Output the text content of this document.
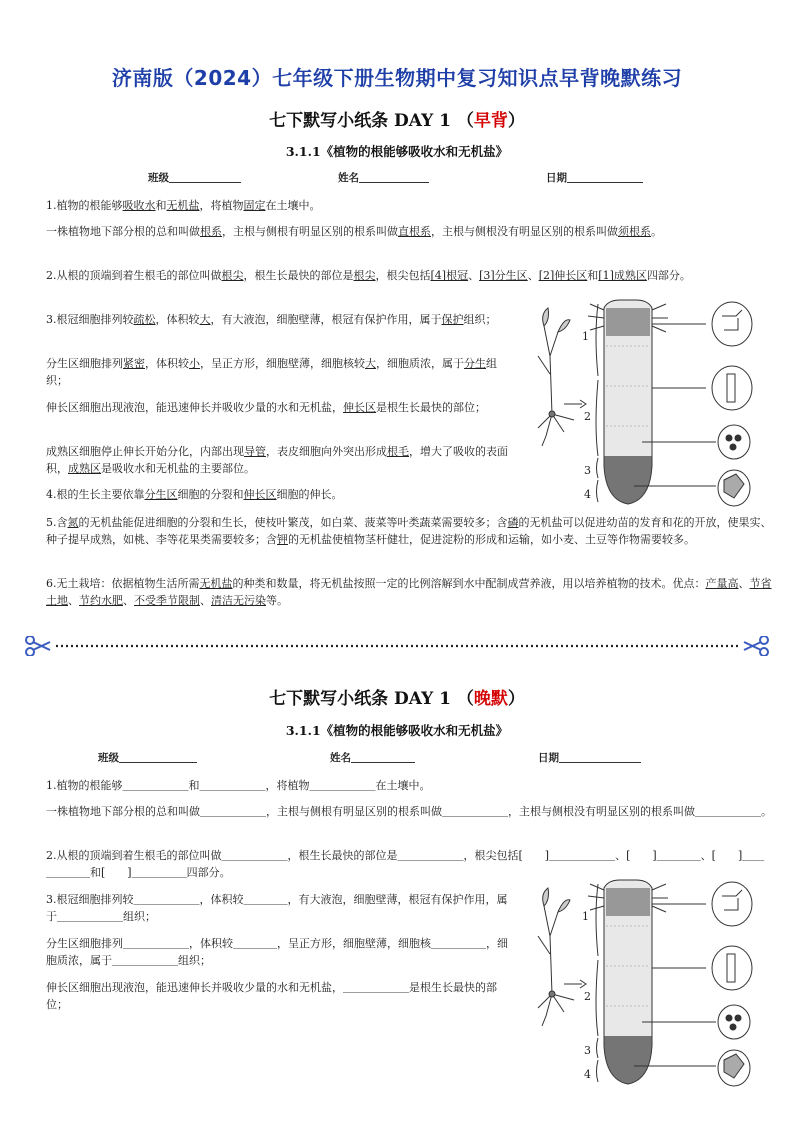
济南版（2024）七年级下册生物期中复习知识点早背晚默练习
七下默写小纸条 DAY 1 （早背）
3.1.1《植物的根能够吸收水和无机盐》
班级	姓名	日期
1.植物的根能够吸收水和无机盐，将植物固定在土壤中。
一株植物地下部分根的总和叫做根系，主根与侧根有明显区别的根系叫做直根系，主根与侧根没有明显区别的根系叫做须根系。
2.从根的顶端到着生根毛的部位叫做根尖，根生长最快的部位是根尖，根尖包括[4]根冠、[3]分生区、[2]伸长区和[1]成熟区四部分。
3.根冠细胞排列较疏松，体积较大，有大液泡，细胞壁薄，根冠有保护作用，属于保护组织；
分生区细胞排列紧密，体积较小，呈正方形，细胞壁薄，细胞核较大，细胞质浓，属于分生组织；
伸长区细胞出现液泡，能迅速伸长并吸收少量的水和无机盐，伸长区是根生长最快的部位；
成熟区细胞停止伸长开始分化，内部出现导管，表皮细胞向外突出形成根毛，增大了吸收的表面积，成熟区是吸收水和无机盐的主要部位。
4.根的生长主要依靠分生区细胞的分裂和伸长区细胞的伸长。
5.含氮的无机盐能促进细胞的分裂和生长，使枝叶繁茂，如白菜、菠菜等叶类蔬菜需要较多；含磷的无机盐可以促进幼苗的发育和花的开放，使果实、种子提早成熟，如桃、李等花果类需要较多；含钾的无机盐使植物茎杆健壮，促进淀粉的形成和运输，如小麦、土豆等作物需要较多。
6.无土栽培：依据植物生活所需无机盐的种类和数量，将无机盐按照一定的比例溶解到水中配制成营养液，用以培养植物的技术。优点：产量高、节省土地、节约水肥、不受季节限制、清洁无污染等。
1
2
3
4
七下默写小纸条 DAY 1 （晚默）
3.1.1《植物的根能够吸收水和无机盐》
班级	姓名	日期
1.植物的根能够＿＿＿＿＿＿和＿＿＿＿＿＿，将植物＿＿＿＿＿＿在土壤中。
一株植物地下部分根的总和叫做＿＿＿＿＿＿，主根与侧根有明显区别的根系叫做＿＿＿＿＿＿，主根与侧根没有明显区别的根系叫做＿＿＿＿＿＿。
2.从根的顶端到着生根毛的部位叫做＿＿＿＿＿＿，根生长最快的部位是＿＿＿＿＿＿，根尖包括[　　]＿＿＿＿＿＿、[　　]＿＿＿＿、[　　]＿＿＿＿＿＿和[　　]＿＿＿＿＿四部分。
3.根冠细胞排列较＿＿＿＿＿＿，体积较＿＿＿＿，有大液泡，细胞壁薄，根冠有保护作用，属于＿＿＿＿＿＿组织；
分生区细胞排列＿＿＿＿＿＿，体积较＿＿＿＿，呈正方形，细胞壁薄，细胞核＿＿＿＿＿，细胞质浓，属于＿＿＿＿＿＿组织；
伸长区细胞出现液泡，能迅速伸长并吸收少量的水和无机盐，＿＿＿＿＿＿是根生长最快的部位；
1
2
3
4
